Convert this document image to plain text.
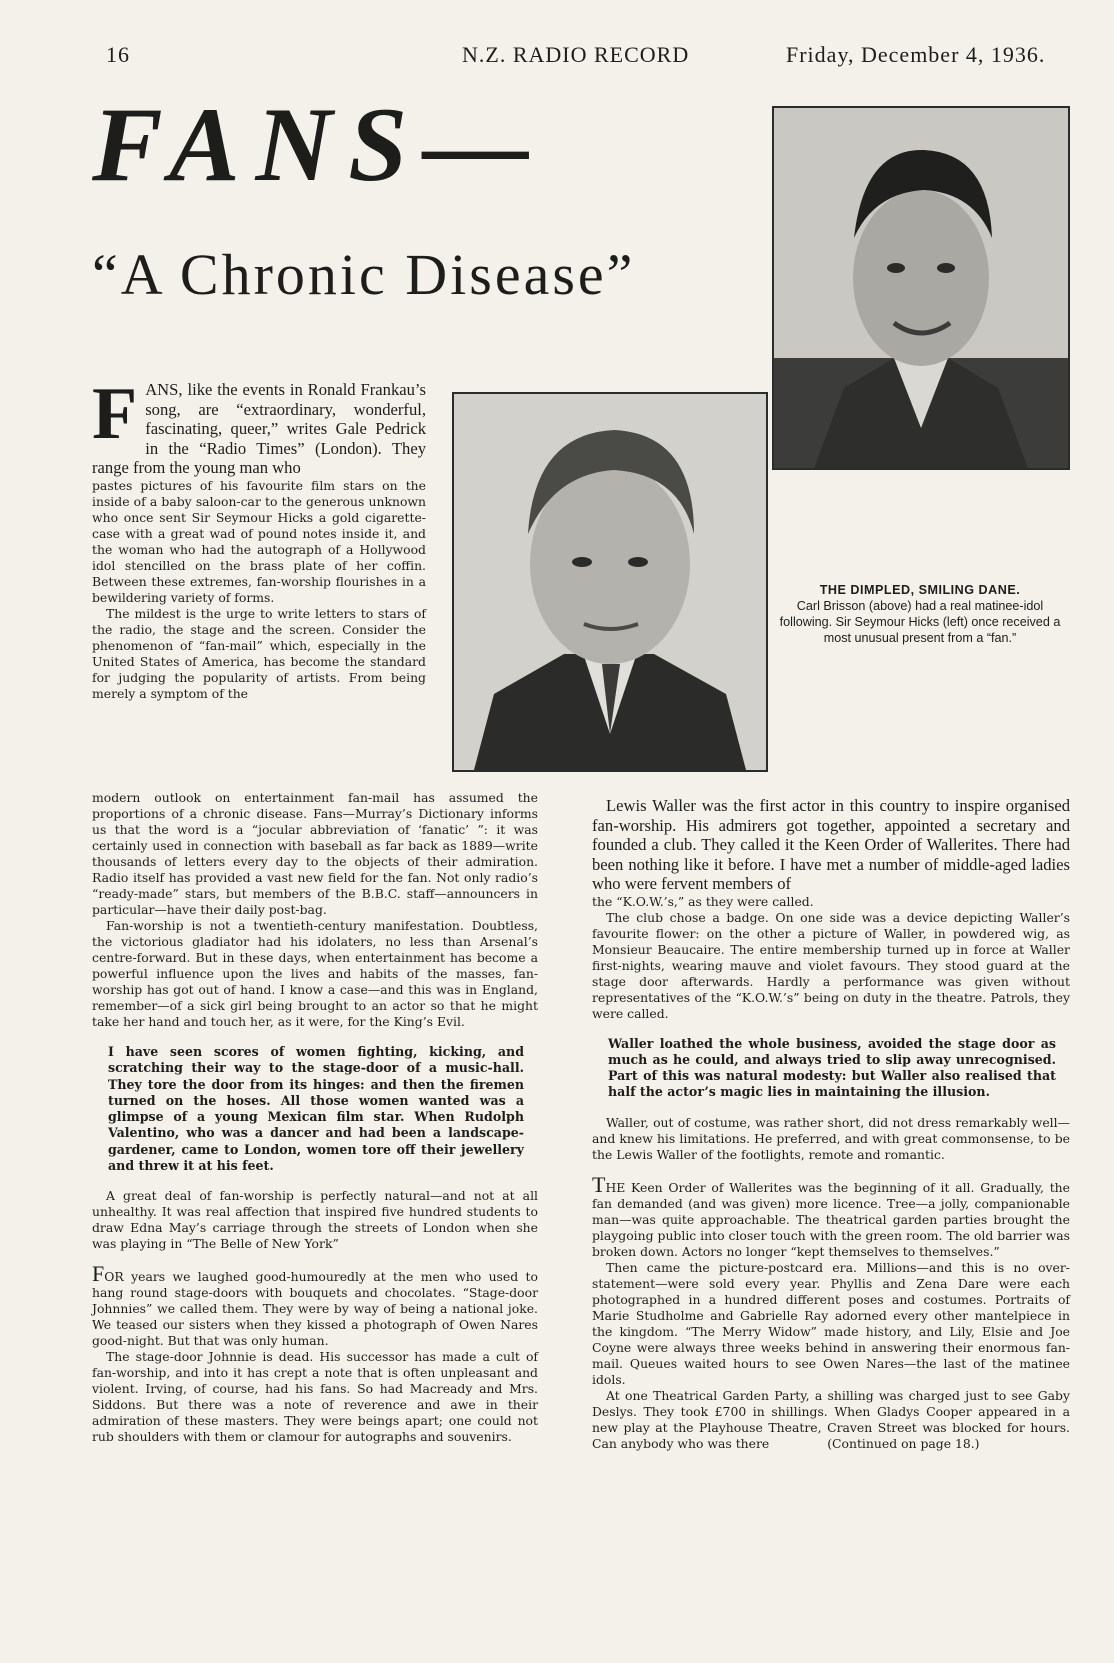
16	N.Z. RADIO RECORD	Friday, December 4, 1936.
FANS—
“A Chronic Disease”
THE DIMPLED, SMILING DANE.
Carl Brisson (above) had a real matinee-idol following. Sir Seymour Hicks (left) once received a most unusual present from a “fan.”

FANS, like the events in Ronald Frankau’s song, are “extraordinary, wonderful, fascinating, queer,” writes Gale Pedrick in the “Radio Times” (London). They range from the young man who

pastes pictures of his favourite film stars on the inside of a baby saloon-car to the generous unknown who once sent Sir Seymour Hicks a gold cigarette-case with a great wad of pound notes inside it, and the woman who had the autograph of a Hollywood idol stencilled on the brass plate of her coffin. Between these extremes, fan-worship flourishes in a bewildering variety of forms.

The mildest is the urge to write letters to stars of the radio, the stage and the screen. Consider the phenomenon of “fan-mail” which, especially in the United States of America, has become the standard for judging the popularity of artists. From being merely a symptom of the

modern outlook on entertainment fan-mail has assumed the proportions of a chronic disease. Fans—Murray’s Dictionary informs us that the word is a “jocular abbreviation of ‘fanatic’ ”: it was certainly used in connection with baseball as far back as 1889—write thousands of letters every day to the objects of their admiration. Radio itself has provided a vast new field for the fan. Not only radio’s “ready-made” stars, but members of the B.B.C. staff—announcers in particular—have their daily post-bag.

Fan-worship is not a twentieth-century manifestation. Doubtless, the victorious gladiator had his idolaters, no less than Arsenal’s centre-forward. But in these days, when entertainment has become a powerful influence upon the lives and habits of the masses, fan-worship has got out of hand. I know a case—and this was in England, remember—of a sick girl being brought to an actor so that he might take her hand and touch her, as it were, for the King’s Evil.

I have seen scores of women fighting, kicking, and scratching their way to the stage-door of a music-hall. They tore the door from its hinges: and then the firemen turned on the hoses. All those women wanted was a glimpse of a young Mexican film star. When Rudolph Valentino, who was a dancer and had been a landscape-gardener, came to London, women tore off their jewellery and threw it at his feet.

A great deal of fan-worship is perfectly natural—and not at all unhealthy. It was real affection that inspired five hundred students to draw Edna May’s carriage through the streets of London when she was playing in “The Belle of New York”

FOR years we laughed good-humouredly at the men who used to hang round stage-doors with bouquets and chocolates. “Stage-door Johnnies” we called them. They were by way of being a national joke. We teased our sisters when they kissed a photograph of Owen Nares good-night. But that was only human.

The stage-door Johnnie is dead. His successor has made a cult of fan-worship, and into it has crept a note that is often unpleasant and violent. Irving, of course, had his fans. So had Macready and Mrs. Siddons. But there was a note of reverence and awe in their admiration of these masters. They were beings apart; one could not rub shoulders with them or clamour for autographs and souvenirs.

Lewis Waller was the first actor in this country to inspire organised fan-worship. His admirers got together, appointed a secretary and founded a club. They called it the Keen Order of Wallerites. There had been nothing like it before. I have met a number of middle-aged ladies who were fervent members of

the “K.O.W.’s,” as they were called.

The club chose a badge. On one side was a device depicting Waller’s favourite flower: on the other a picture of Waller, in powdered wig, as Monsieur Beaucaire. The entire membership turned up in force at Waller first-nights, wearing mauve and violet favours. They stood guard at the stage door afterwards. Hardly a performance was given without representatives of the “K.O.W.’s” being on duty in the theatre. Patrols, they were called.

Waller loathed the whole business, avoided the stage door as much as he could, and always tried to slip away unrecognised. Part of this was natural modesty: but Waller also realised that half the actor’s magic lies in maintaining the illusion.

Waller, out of costume, was rather short, did not dress remarkably well—and knew his limitations. He preferred, and with great commonsense, to be the Lewis Waller of the footlights, remote and romantic.

THE Keen Order of Wallerites was the beginning of it all. Gradually, the fan demanded (and was given) more licence. Tree—a jolly, companionable man—was quite approachable. The theatrical garden parties brought the playgoing public into closer touch with the green room. The old barrier was broken down. Actors no longer “kept themselves to themselves.”

Then came the picture-postcard era. Millions—and this is no over-statement—were sold every year. Phyllis and Zena Dare were each photographed in a hundred different poses and costumes. Portraits of Marie Studholme and Gabrielle Ray adorned every other mantelpiece in the kingdom. “The Merry Widow” made history, and Lily, Elsie and Joe Coyne were always three weeks behind in answering their enormous fan-mail. Queues waited hours to see Owen Nares—the last of the matinee idols.

At one Theatrical Garden Party, a shilling was charged just to see Gaby Deslys. They took £700 in shillings. When Gladys Cooper appeared in a new play at the Playhouse Theatre, Craven Street was blocked for hours. Can anybody who was there	(Continued on page 18.)
